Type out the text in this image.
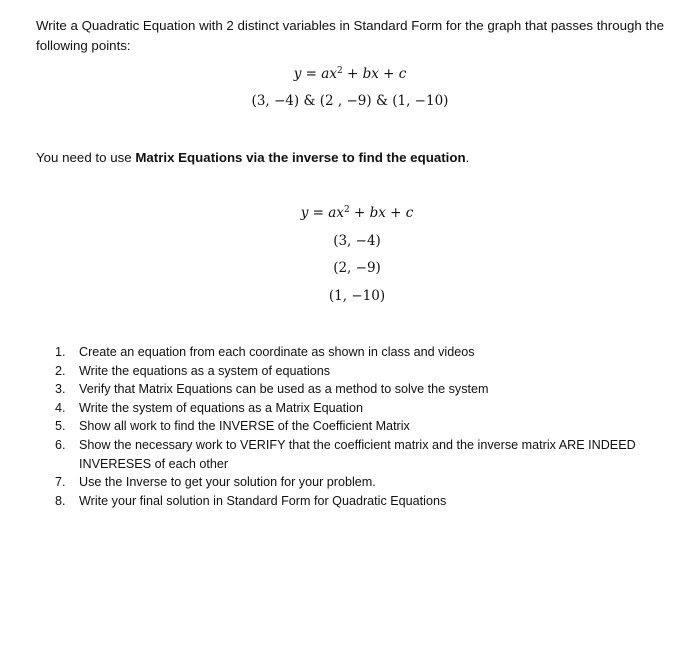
Write a Quadratic Equation with 2 distinct variables in Standard Form for the graph that passes through the following points:
$y = ax^2$ + bx + c
(3, −4) & (2 , −9) & (1, −10)
You need to use Matrix Equations via the inverse to find the equation.
$y = ax^2$ + bx + c
(3, −4)
(2, −9)
(1, −10)
1. Create an equation from each coordinate as shown in class and videos
2. Write the equations as a system of equations
3. Verify that Matrix Equations can be used as a method to solve the system
4. Write the system of equations as a Matrix Equation
5. Show all work to find the INVERSE of the Coefficient Matrix
6. Show the necessary work to VERIFY that the coefficient matrix and the inverse matrix ARE INDEED INVERESES of each other
7. Use the Inverse to get your solution for your problem.
8. Write your final solution in Standard Form for Quadratic Equations
